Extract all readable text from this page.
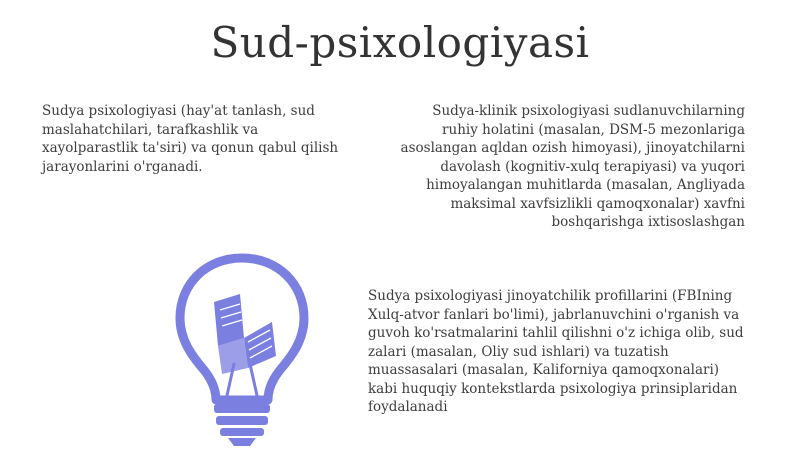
Sud-psixologiyasi

Sudya psixologiyasi (hay'at tanlash, sud maslahatchilari, tarafkashlik va xayolparastlik ta'siri) va qonun qabul qilish jarayonlarini o'rganadi.

Sudya-klinik psixologiyasi sudlanuvchilarning ruhiy holatini (masalan, DSM-5 mezonlariga asoslangan aqldan ozish himoyasi), jinoyatchilarni davolash (kognitiv-xulq terapiyasi) va yuqori himoyalangan muhitlarda (masalan, Angliyada maksimal xavfsizlikli qamoqxonalar) xavfni boshqarishga ixtisoslashgan

Sudya psixologiyasi jinoyatchilik profillarini (FBIning Xulq-atvor fanlari bo'limi), jabrlanuvchini o'rganish va guvoh ko'rsatmalarini tahlil qilishni o'z ichiga olib, sud zalari (masalan, Oliy sud ishlari) va tuzatish muassasalari (masalan, Kaliforniya qamoqxonalari) kabi huquqiy kontekstlarda psixologiya prinsiplaridan foydalanadi
